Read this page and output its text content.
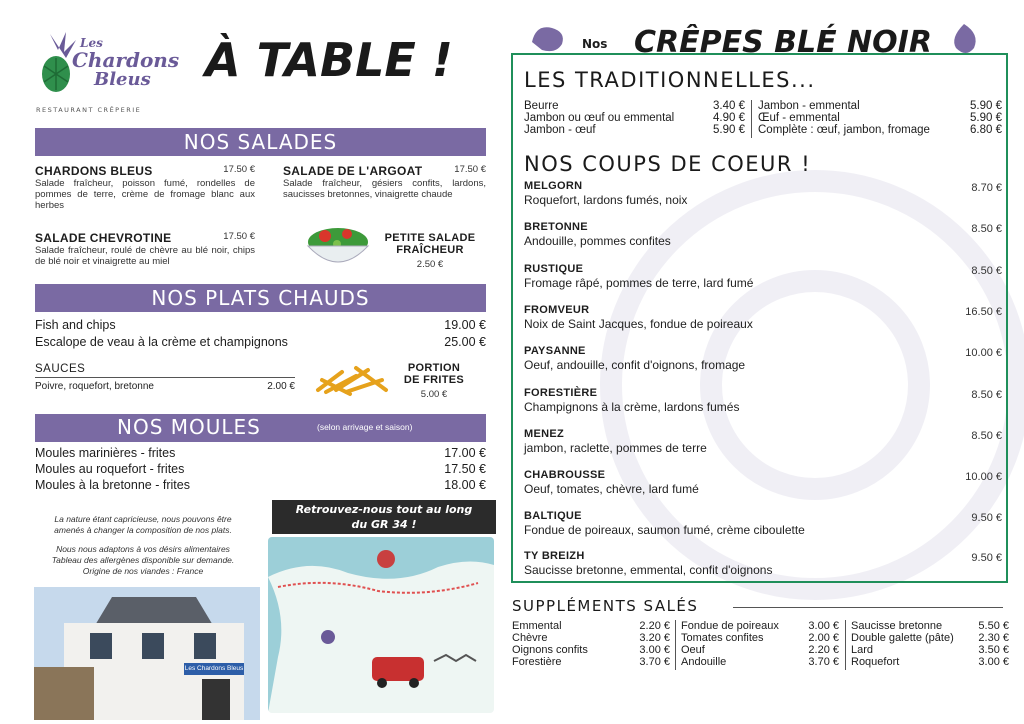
Les
Chardons
Bleus
RESTAURANT CRÊPERIE
À TABLE !
NOS SALADES
CHARDONS BLEUS	17.50 €
Salade fraîcheur, poisson fumé, rondelles de pommes de terre, crème de fromage blanc aux herbes
SALADE DE L'ARGOAT	17.50 €
Salade fraîcheur, gésiers confits, lardons, saucisses bretonnes, vinaigrette chaude
SALADE CHEVROTINE	17.50 €
Salade fraîcheur, roulé de chèvre au blé noir, chips de blé noir et vinaigrette au miel
PETITE SALADE
FRAÎCHEUR
2.50 €
NOS PLATS CHAUDS
Fish and chips	19.00 €
Escalope de veau à la crème et champignons	25.00 €
SAUCES
Poivre, roquefort, bretonne	2.00 €
PORTION
DE FRITES
5.00 €
NOS MOULES	(selon arrivage et saison)
Moules marinières - frites	17.00 €
Moules au roquefort - frites	17.50 €
Moules à la bretonne - frites	18.00 €
La nature étant capricieuse, nous pouvons être
amenés à changer la composition de nos plats.
Nous nous adaptons à vos désirs alimentaires
Tableau des allergènes disponible sur demande.
Origine de nos viandes : France
Les Chardons Bleus
Retrouvez-nous tout au long
du GR 34 !
Nos CRÊPES BLÉ NOIR
LES TRADITIONNELLES...
Beurre	3.40 €
Jambon ou œuf ou emmental	4.90 €
Jambon - œuf	5.90 €
Jambon - emmental	5.90 €
Œuf - emmental	5.90 €
Complète : œuf, jambon, fromage	6.80 €
NOS COUPS DE COEUR !
MELGORN
Roquefort, lardons fumés, noix
8.70 €
BRETONNE
Andouille, pommes confites
8.50 €
RUSTIQUE
Fromage râpé, pommes de terre, lard fumé
8.50 €
FROMVEUR
Noix de Saint Jacques, fondue de poireaux
16.50 €
PAYSANNE
Oeuf, andouille, confit d'oignons, fromage
10.00 €
FORESTIÈRE
Champignons à la crème, lardons fumés
8.50 €
MENEZ
jambon, raclette, pommes de terre
8.50 €
CHABROUSSE
Oeuf, tomates, chèvre, lard fumé
10.00 €
BALTIQUE
Fondue de poireaux, saumon fumé, crème ciboulette
9.50 €
TY BREIZH
Saucisse bretonne, emmental, confit d'oignons
9.50 €
SUPPLÉMENTS SALÉS
Emmental	2.20 €
Chèvre	3.20 €
Oignons confits	3.00 €
Forestière	3.70 €
Fondue de poireaux	3.00 €
Tomates confites	2.00 €
Oeuf	2.20 €
Andouille	3.70 €
Saucisse bretonne	5.50 €
Double galette (pâte) 2.30 €
Lard	3.50 €
Roquefort	3.00 €
